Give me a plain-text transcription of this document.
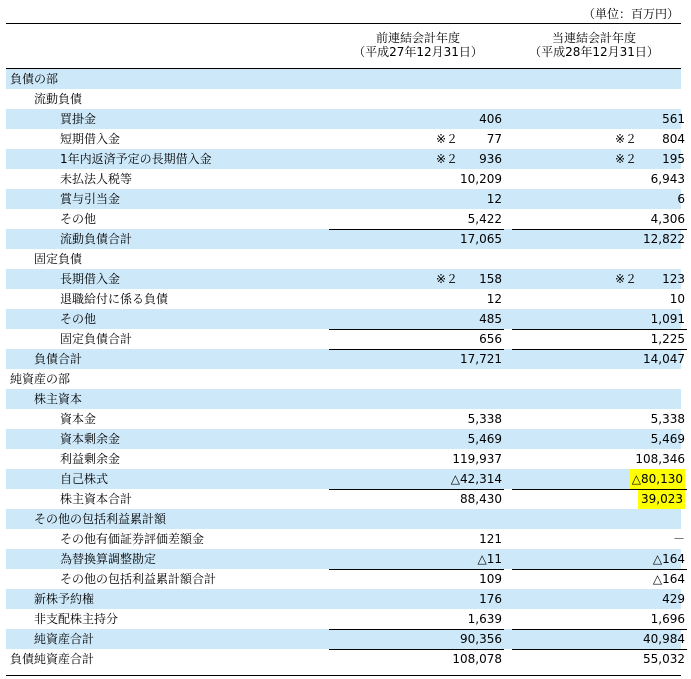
（単位：百万円）
前連結会計年度
（平成27年12月31日）
当連結会計年度
（平成28年12月31日）
負債の部
流動負債
買掛金	406	561
短期借入金	※２ 77	※２ 804
1年内返済予定の長期借入金	※２ 936	※２ 195
未払法人税等	10,209	6,943
賞与引当金	12	6
その他	5,422	4,306
流動負債合計	17,065	12,822
固定負債
長期借入金	※２ 158	※２ 123
退職給付に係る負債	12	10
その他	485	1,091
固定負債合計	656	1,225
負債合計	17,721	14,047
純資産の部
株主資本
資本金	5,338	5,338
資本剰余金	5,469	5,469
利益剰余金	119,937	108,346
自己株式	△42,314	△80,130
株主資本合計	88,430	39,023
その他の包括利益累計額
その他有価証券評価差額金	121	－
為替換算調整勘定	△11	△164
その他の包括利益累計額合計	109	△164
新株予約権	176	429
非支配株主持分	1,639	1,696
純資産合計	90,356	40,984
負債純資産合計	108,078	55,032
